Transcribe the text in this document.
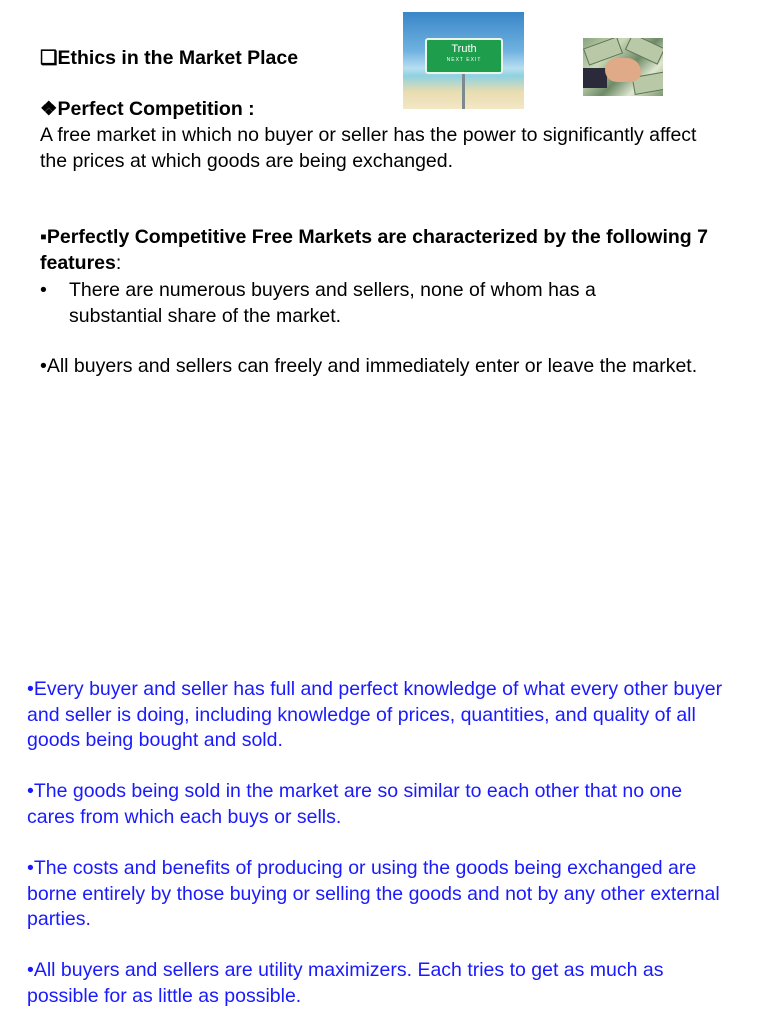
❑Ethics in the Market Place
❖Perfect Competition :
A free market in which no buyer or seller has the power to significantly affect the prices at which goods are being exchanged.
▪Perfectly Competitive Free Markets are characterized by the following 7 features:
• There are numerous buyers and sellers, none of whom has a substantial share of the market.
•All buyers and sellers can freely and immediately enter or leave the market.
Truth
NEXT EXIT
•Every buyer and seller has full and perfect knowledge of what every other buyer and seller is doing, including knowledge of prices, quantities, and quality of all goods being bought and sold.
•The goods being sold in the market are so similar to each other that no one cares from which each buys or sells.
•The costs and benefits of producing or using the goods being exchanged are borne entirely by those buying or selling the goods and not by any other external parties.
•All buyers and sellers are utility maximizers. Each tries to get as much as possible for as little as possible.
